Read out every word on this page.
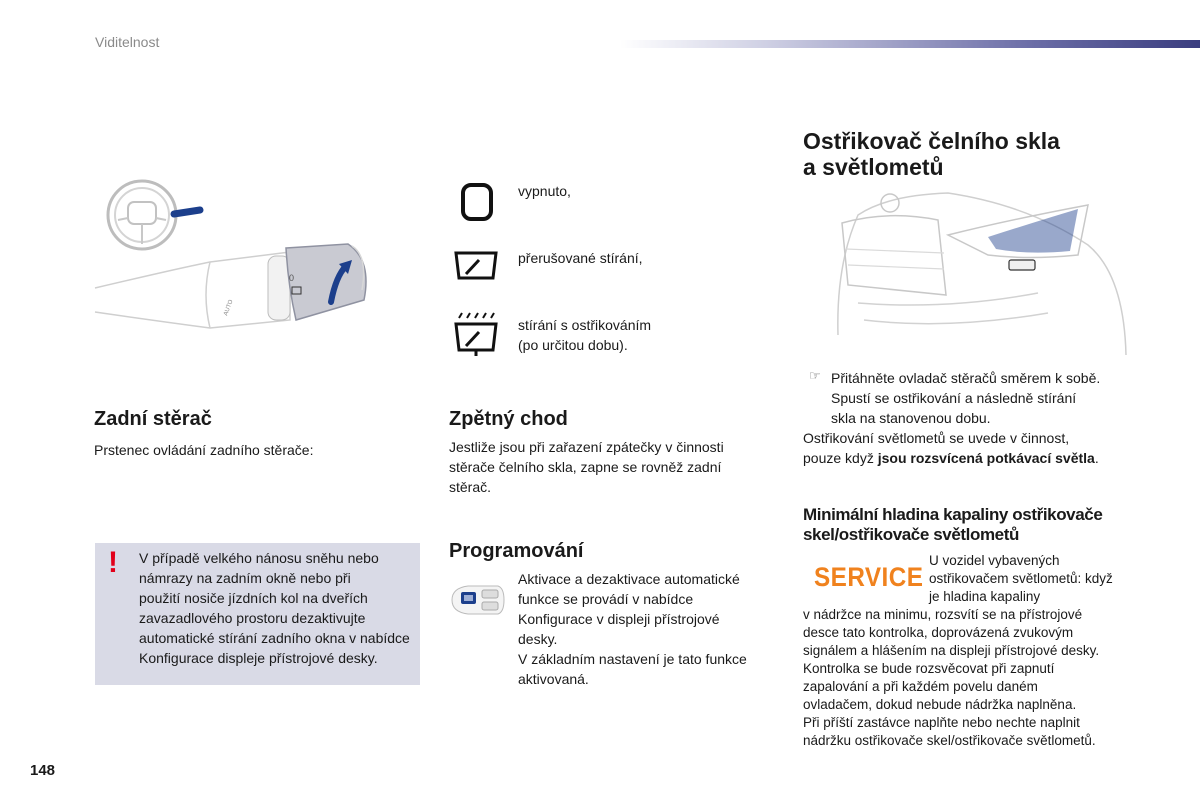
Viditelnost
0
AUTO
Zadní stěrač
Prstenec ovládání zadního stěrače:
! V případě velkého nánosu sněhu nebo
námrazy na zadním okně nebo při
použití nosiče jízdních kol na dveřích
zavazadlového prostoru dezaktivujte
automatické stírání zadního okna v nabídce
Konfigurace displeje přístrojové desky.
vypnuto,
přerušované stírání,
stírání s ostřikováním
(po určitou dobu).
Zpětný chod
Jestliže jsou při zařazení zpátečky v činnosti
stěrače čelního skla, zapne se rovněž zadní
stěrač.
Programování
Aktivace a dezaktivace automatické
funkce se provádí v nabídce
Konfigurace v displeji přístrojové
desky.
V základním nastavení je tato funkce
aktivovaná.
Ostřikovač čelního skla
a světlometů
☞ Přitáhněte ovladač stěračů směrem k sobě.
Spustí se ostřikování a následně stírání
skla na stanovenou dobu.
Ostřikování světlometů se uvede v činnost,
pouze když jsou rozsvícená potkávací světla.
Minimální hladina kapaliny ostřikovače
skel/ostřikovače světlometů
SERVICE
U vozidel vybavených
ostřikovačem světlometů: když
je hladina kapaliny
v nádržce na minimu, rozsvítí se na přístrojové
desce tato kontrolka, doprovázená zvukovým
signálem a hlášením na displeji přístrojové desky.
Kontrolka se bude rozsvěcovat při zapnutí
zapalování a při každém povelu daném
ovladačem, dokud nebude nádržka naplněna.
Při příští zastávce naplňte nebo nechte naplnit
nádržku ostřikovače skel/ostřikovače světlometů.
148
